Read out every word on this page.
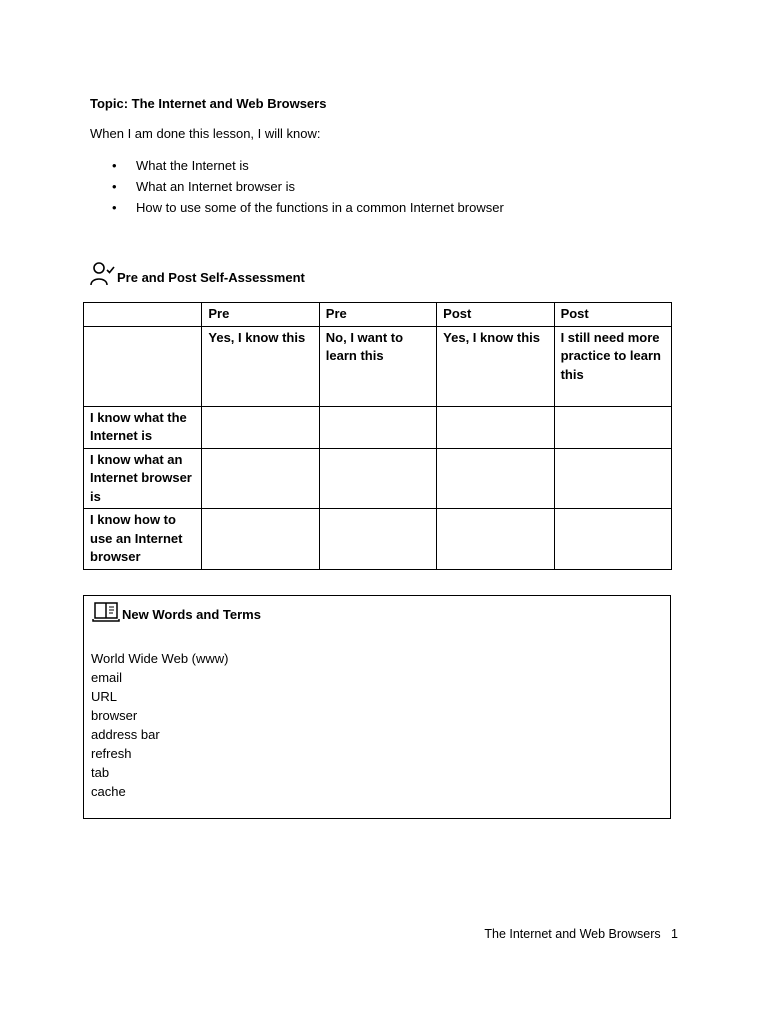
Topic: The Internet and Web Browsers
When I am done this lesson, I will know:
• What the Internet is
• What an Internet browser is
• How to use some of the functions in a common Internet browser
Pre and Post Self-Assessment
	Pre	Pre	Post	Post
	Yes, I know this	No, I want to learn this	Yes, I know this	I still need more practice to learn this
I know what the Internet is				
I know what an Internet browser is				
I know how to use an Internet browser				
New Words and Terms
World Wide Web (www)
email
URL
browser
address bar
refresh
tab
cache
The Internet and Web Browsers   1
